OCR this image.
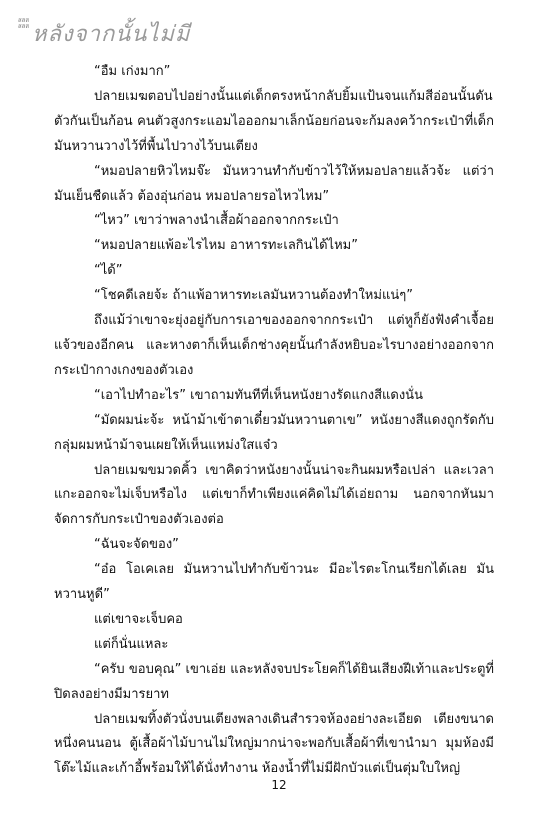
สสส
สสส หลังจากนั้นไม่มี

“อืม เก่งมาก”

ปลายเมฆตอบไปอย่างนั้นแต่เด็กตรงหน้ากลับยิ้มแป้นจนแก้มสีอ่อนนั้นดันตัวกันเป็นก้อน คนตัวสูงกระแอมไอออกมาเล็กน้อยก่อนจะก้มลงคว้ากระเป๋าที่เด็กมันหวานวางไว้ที่พื้นไปวางไว้บนเตียง

“หมอปลายหิวไหมจ๊ะ มันหวานทำกับข้าวไว้ให้หมอปลายแล้วจ้ะ แต่ว่ามันเย็นชืดแล้ว ต้องอุ่นก่อน หมอปลายรอไหวไหม”

“ไหว” เขาว่าพลางนำเสื้อผ้าออกจากกระเป๋า

“หมอปลายแพ้อะไรไหม อาหารทะเลกินได้ไหม”

“ได้”

“โชคดีเลยจ้ะ ถ้าแพ้อาหารทะเลมันหวานต้องทำใหม่แน่ๆ”

ถึงแม้ว่าเขาจะยุ่งอยู่กับการเอาของออกจากกระเป๋า แต่หูก็ยังฟังคำเจื้อยแจ้วของอีกคน และหางตาก็เห็นเด็กช่างคุยนั้นกำลังหยิบอะไรบางอย่างออกจากกระเป๋ากางเกงของตัวเอง

“เอาไปทำอะไร” เขาถามทันทีที่เห็นหนังยางรัดแกงสีแดงนั่น

“มัดผมน่ะจ้ะ หน้าม้าเข้าตาเดี๋ยวมันหวานตาเข” หนังยางสีแดงถูกรัดกับกลุ่มผมหน้าม้าจนเผยให้เห็นแหม่งใสแจ๋ว

ปลายเมฆขมวดคิ้ว เขาคิดว่าหนังยางนั้นน่าจะกินผมหรือเปล่า และเวลาแกะออกจะไม่เจ็บหรือไง แต่เขาก็ทำเพียงแค่คิดไม่ได้เอ่ยถาม นอกจากหันมาจัดการกับกระเป๋าของตัวเองต่อ

“ฉันจะจัดของ”

“อ๋อ โอเคเลย มันหวานไปทำกับข้าวนะ มีอะไรตะโกนเรียกได้เลย มันหวานหูดี”

แต่เขาจะเจ็บคอ

แต่ก็นั่นแหละ

“ครับ ขอบคุณ” เขาเอ่ย และหลังจบประโยคก็ได้ยินเสียงฝีเท้าและประตูที่ปิดลงอย่างมีมารยาท

ปลายเมฆทิ้งตัวนั่งบนเตียงพลางเดินสำรวจห้องอย่างละเอียด เตียงขนาดหนึ่งคนนอน ตู้เสื้อผ้าไม้บานไม่ใหญ่มากน่าจะพอกับเสื้อผ้าที่เขานำมา มุมห้องมีโต๊ะไม้และเก้าอี้พร้อมให้ได้นั่งทำงาน ห้องน้ำที่ไม่มีฝักบัวแต่เป็นตุ่มใบใหญ่

12
